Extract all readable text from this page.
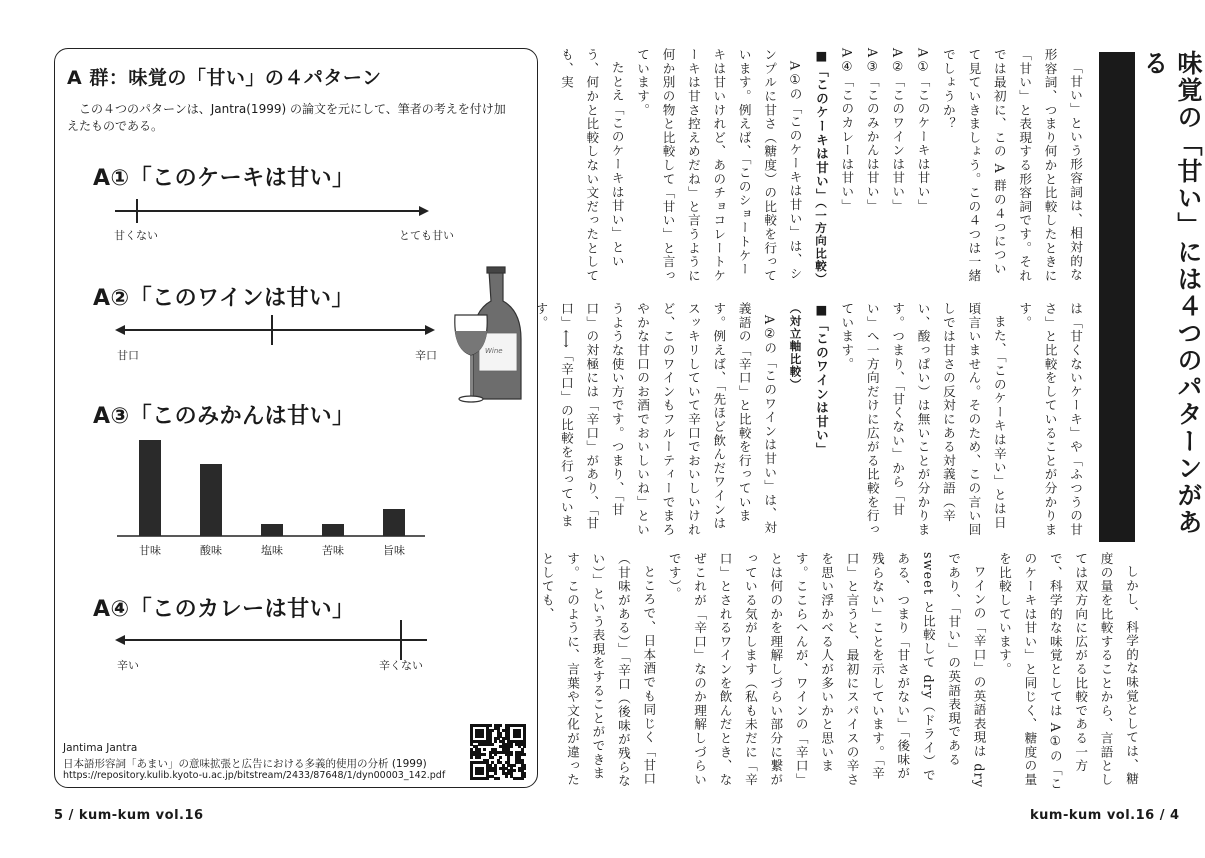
A 群：味覚の「甘い」の４パターン
この４つのパターンは、Jantra(1999) の論文を元にして、筆者の考えを付け加えたものである。
A①「このケーキは甘い」
A②「このワインは甘い」
A③「このみかんは甘い」
A④「このカレーは甘い」
Wine
甘くない	とても甘い
甘口	辛口
辛い	辛くない
甘味	酸味	塩味	苦味	旨味
Jantima Jantra
日本語形容詞「あまい」の意味拡張と広告における多義的使用の分析 (1999)
https://repository.kulib.kyoto-u.ac.jp/bitstream/2433/87648/1/dyn00003_142.pdf
5 / kum-kum vol.16
味覚の「甘い」には４つのパターンがある

「甘い」という形容詞は、相対的な形容詞、つまり何かと比較したときに「甘い」と表現する形容詞です。それでは最初に、この A 群の４つについて見ていきましょう。この４つは一緒でしょうか？

A①「このケーキは甘い」

A②「このワインは甘い」

A③「このみかんは甘い」

A④「このカレーは甘い」

■「このケーキは甘い」（一方向比較）

A①の「このケーキは甘い」は、シンプルに甘さ（糖度）の比較を行っています。例えば、「このショートケーキは甘いけれど、あのチョコレートケーキは甘さ控えめだね」と言うように何か別の物と比較して「甘い」と言っています。

たとえ「このケーキは甘い」という、何かと比較しない文だったとしても、実

は「甘くないケーキ」や「ふつうの甘さ」と比較をしていることが分かります。

また、「このケーキは辛い」とは日頃言いません。そのため、この言い回しでは甘さの反対にある対義語（辛い、酸っぱい）は無いことが分かります。つまり、「甘くない」から「甘い」へ一方向だけに広がる比較を行っています。

■「このワインは甘い」（対立軸比較）

A②の「このワインは甘い」は、対義語の「辛口」と比較を行っています。例えば、「先ほど飲んだワインはスッキリしていて辛口でおいしいけれど、このワインもフルーティーでまろやかな甘口のお酒でおいしいね」というような使い方です。つまり、「甘口」の対極には「辛口」があり、「甘口」⟷「辛口」の比較を行っています。

しかし、科学的な味覚としては、糖度の量を比較することから、言語としては双方向に広がる比較である一方で、科学的な味覚としては A①の「このケーキは甘い」と同じく、糖度の量を比較しています。

ワインの「辛口」の英語表現は dry であり、「甘い」の英語表現である sweet と比較して dry（ドライ）である、つまり「甘さがない」「後味が残らない」ことを示しています。「辛口」と言うと、最初にスパイスの辛さを思い浮かべる人が多いかと思います。ここらへんが、ワインの「辛口」とは何のかを理解しづらい部分に繋がっている気がします（私も未だに「辛口」とされるワインを飲んだとき、なぜこれが「辛口」なのか理解しづらいです）。

ところで、日本酒でも同じく「甘口（甘味がある）」「辛口（後味が残らない）」という表現をすることができます。このように、言葉や文化が違ったとしても、

kum-kum vol.16 / 4
